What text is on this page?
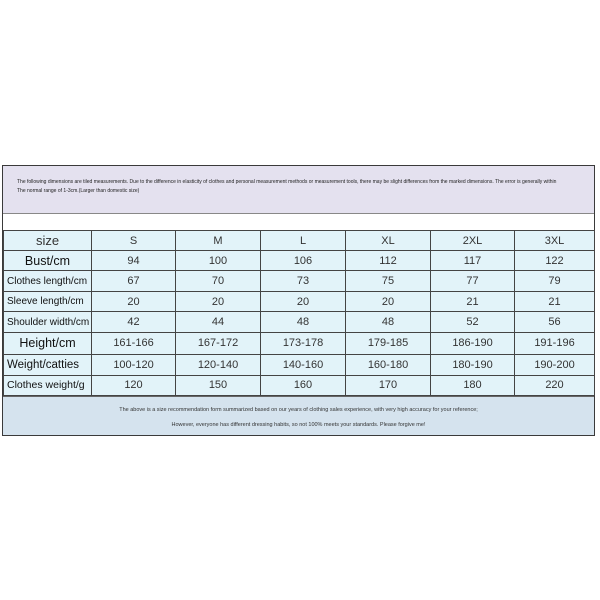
The following dimensions are tiled measurements. Due to the difference in elasticity of clothes and personal measurement methods or measurement tools, there may be slight differences from the marked dimensions. The error is generally within
The normal range of 1-3cm.(Larger than domestic size)
size	S	M	L	XL	2XL	3XL
Bust/cm	94	100	106	112	117	122
Clothes length/cm	67	70	73	75	77	79
Sleeve length/cm	20	20	20	20	21	21
Shoulder width/cm	42	44	48	48	52	56
Height/cm	161-166	167-172	173-178	179-185	186-190	191-196
Weight/catties	100-120	120-140	140-160	160-180	180-190	190-200
Clothes weight/g	120	150	160	170	180	220
The above is a size recommendation form summarized based on our years of clothing sales experience, with very high accuracy for your reference;
However, everyone has different dressing habits, so not 100% meets your standards. Please forgive me!
